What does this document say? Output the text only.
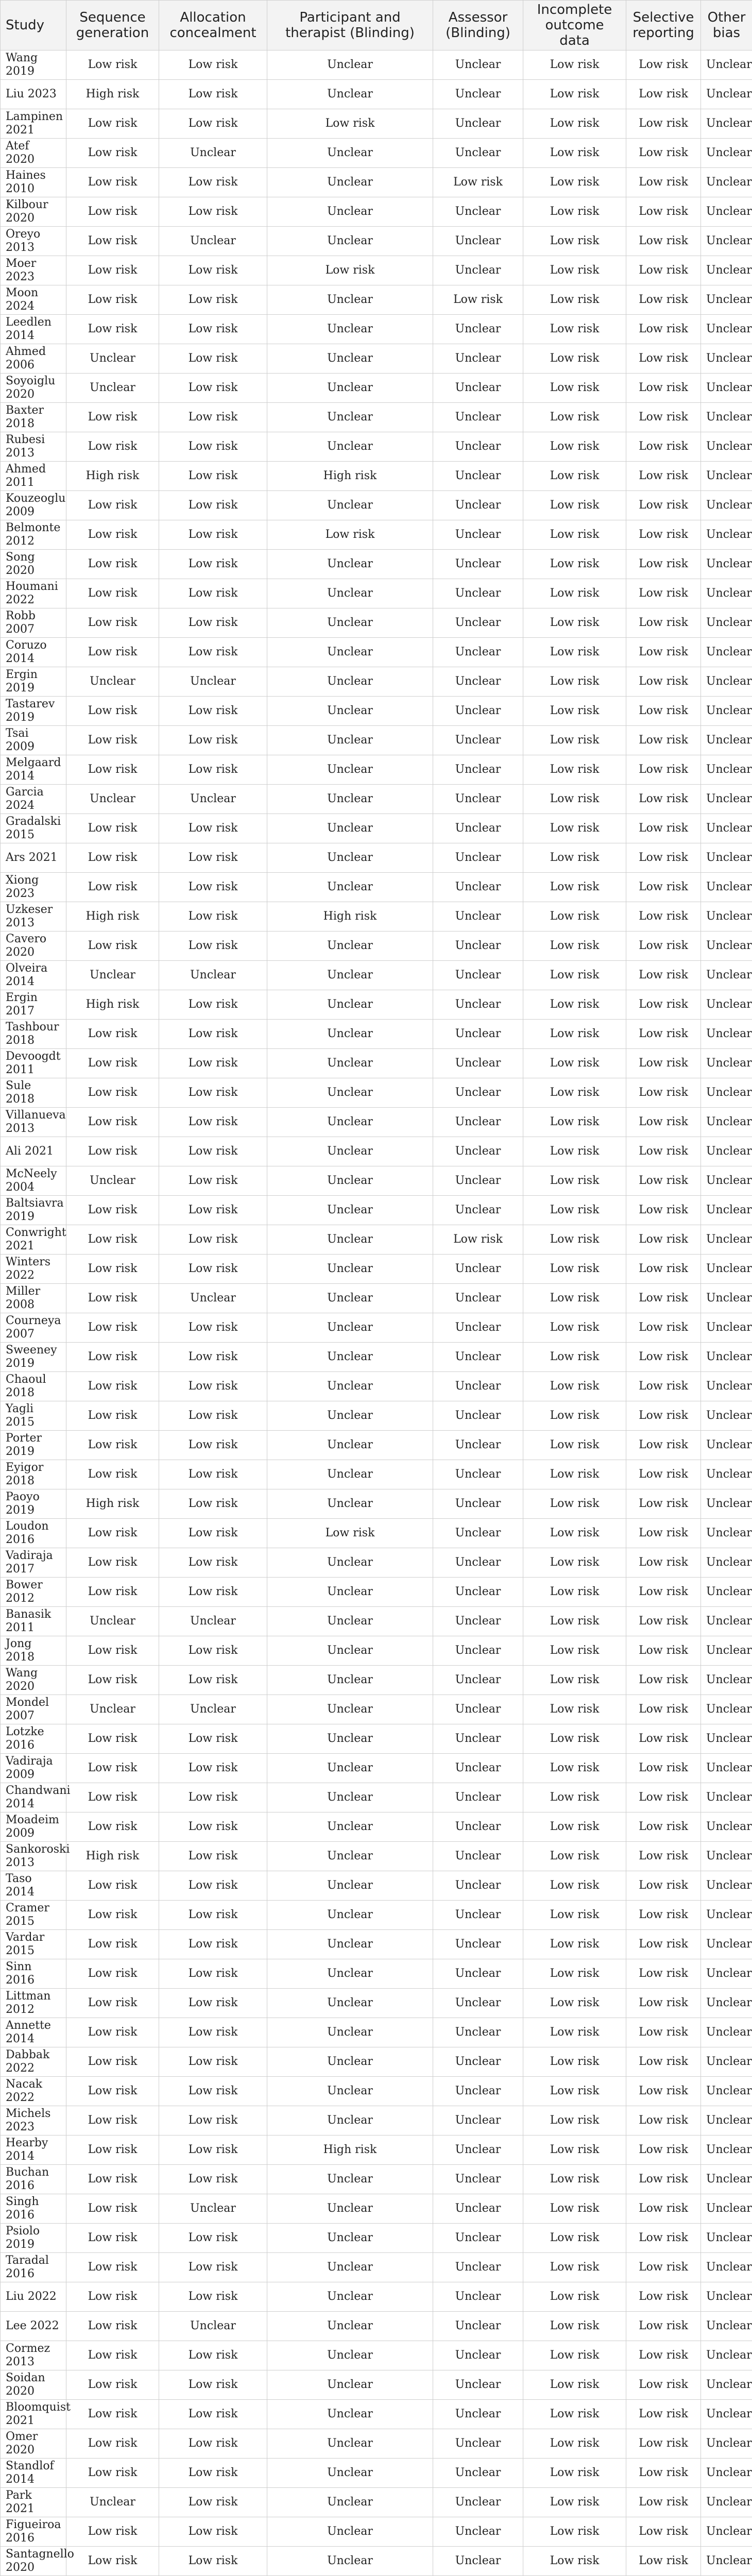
Study	Sequence generation	Allocation concealment	Participant and therapist (Blinding)	Assessor (Blinding)	Incomplete outcome data	Selective reporting	Other bias
Wang 2019	Low risk	Low risk	Unclear	Unclear	Low risk	Low risk	Unclear
Liu 2023	High risk	Low risk	Unclear	Unclear	Low risk	Low risk	Unclear
Lampinen 2021	Low risk	Low risk	Low risk	Unclear	Low risk	Low risk	Unclear
Atef 2020	Low risk	Unclear	Unclear	Unclear	Low risk	Low risk	Unclear
Haines 2010	Low risk	Low risk	Unclear	Low risk	Low risk	Low risk	Unclear
Kilbour 2020	Low risk	Low risk	Unclear	Unclear	Low risk	Low risk	Unclear
Oreyo 2013	Low risk	Unclear	Unclear	Unclear	Low risk	Low risk	Unclear
Moer 2023	Low risk	Low risk	Low risk	Unclear	Low risk	Low risk	Unclear
Moon 2024	Low risk	Low risk	Unclear	Low risk	Low risk	Low risk	Unclear
Leedlen 2014	Low risk	Low risk	Unclear	Unclear	Low risk	Low risk	Unclear
Ahmed 2006	Unclear	Low risk	Unclear	Unclear	Low risk	Low risk	Unclear
Soyoiglu 2020	Unclear	Low risk	Unclear	Unclear	Low risk	Low risk	Unclear
Baxter 2018	Low risk	Low risk	Unclear	Unclear	Low risk	Low risk	Unclear
Rubesi 2013	Low risk	Low risk	Unclear	Unclear	Low risk	Low risk	Unclear
Ahmed 2011	High risk	Low risk	High risk	Unclear	Low risk	Low risk	Unclear
Kouzeoglu 2009	Low risk	Low risk	Unclear	Unclear	Low risk	Low risk	Unclear
Belmonte 2012	Low risk	Low risk	Low risk	Unclear	Low risk	Low risk	Unclear
Song 2020	Low risk	Low risk	Unclear	Unclear	Low risk	Low risk	Unclear
Houmani 2022	Low risk	Low risk	Unclear	Unclear	Low risk	Low risk	Unclear
Robb 2007	Low risk	Low risk	Unclear	Unclear	Low risk	Low risk	Unclear
Coruzo 2014	Low risk	Low risk	Unclear	Unclear	Low risk	Low risk	Unclear
Ergin 2019	Unclear	Unclear	Unclear	Unclear	Low risk	Low risk	Unclear
Tastarev 2019	Low risk	Low risk	Unclear	Unclear	Low risk	Low risk	Unclear
Tsai 2009	Low risk	Low risk	Unclear	Unclear	Low risk	Low risk	Unclear
Melgaard 2014	Low risk	Low risk	Unclear	Unclear	Low risk	Low risk	Unclear
Garcia 2024	Unclear	Unclear	Unclear	Unclear	Low risk	Low risk	Unclear
Gradalski 2015	Low risk	Low risk	Unclear	Unclear	Low risk	Low risk	Unclear
Ars 2021	Low risk	Low risk	Unclear	Unclear	Low risk	Low risk	Unclear
Xiong 2023	Low risk	Low risk	Unclear	Unclear	Low risk	Low risk	Unclear
Uzkeser 2013	High risk	Low risk	High risk	Unclear	Low risk	Low risk	Unclear
Cavero 2020	Low risk	Low risk	Unclear	Unclear	Low risk	Low risk	Unclear
Olveira 2014	Unclear	Unclear	Unclear	Unclear	Low risk	Low risk	Unclear
Ergin 2017	High risk	Low risk	Unclear	Unclear	Low risk	Low risk	Unclear
Tashbour 2018	Low risk	Low risk	Unclear	Unclear	Low risk	Low risk	Unclear
Devoogdt 2011	Low risk	Low risk	Unclear	Unclear	Low risk	Low risk	Unclear
Sule 2018	Low risk	Low risk	Unclear	Unclear	Low risk	Low risk	Unclear
Villanueva 2013	Low risk	Low risk	Unclear	Unclear	Low risk	Low risk	Unclear
Ali 2021	Low risk	Low risk	Unclear	Unclear	Low risk	Low risk	Unclear
McNeely 2004	Unclear	Low risk	Unclear	Unclear	Low risk	Low risk	Unclear
Baltsiavra 2019	Low risk	Low risk	Unclear	Unclear	Low risk	Low risk	Unclear
Conwright 2021	Low risk	Low risk	Unclear	Low risk	Low risk	Low risk	Unclear
Winters 2022	Low risk	Low risk	Unclear	Unclear	Low risk	Low risk	Unclear
Miller 2008	Low risk	Unclear	Unclear	Unclear	Low risk	Low risk	Unclear
Courneya 2007	Low risk	Low risk	Unclear	Unclear	Low risk	Low risk	Unclear
Sweeney 2019	Low risk	Low risk	Unclear	Unclear	Low risk	Low risk	Unclear
Chaoul 2018	Low risk	Low risk	Unclear	Unclear	Low risk	Low risk	Unclear
Yagli 2015	Low risk	Low risk	Unclear	Unclear	Low risk	Low risk	Unclear
Porter 2019	Low risk	Low risk	Unclear	Unclear	Low risk	Low risk	Unclear
Eyigor 2018	Low risk	Low risk	Unclear	Unclear	Low risk	Low risk	Unclear
Paoyo 2019	High risk	Low risk	Unclear	Unclear	Low risk	Low risk	Unclear
Loudon 2016	Low risk	Low risk	Low risk	Unclear	Low risk	Low risk	Unclear
Vadiraja 2017	Low risk	Low risk	Unclear	Unclear	Low risk	Low risk	Unclear
Bower 2012	Low risk	Low risk	Unclear	Unclear	Low risk	Low risk	Unclear
Banasik 2011	Unclear	Unclear	Unclear	Unclear	Low risk	Low risk	Unclear
Jong 2018	Low risk	Low risk	Unclear	Unclear	Low risk	Low risk	Unclear
Wang 2020	Low risk	Low risk	Unclear	Unclear	Low risk	Low risk	Unclear
Mondel 2007	Unclear	Unclear	Unclear	Unclear	Low risk	Low risk	Unclear
Lotzke 2016	Low risk	Low risk	Unclear	Unclear	Low risk	Low risk	Unclear
Vadiraja 2009	Low risk	Low risk	Unclear	Unclear	Low risk	Low risk	Unclear
Chandwani 2014	Low risk	Low risk	Unclear	Unclear	Low risk	Low risk	Unclear
Moadeim 2009	Low risk	Low risk	Unclear	Unclear	Low risk	Low risk	Unclear
Sankoroski 2013	High risk	Low risk	Unclear	Unclear	Low risk	Low risk	Unclear
Taso 2014	Low risk	Low risk	Unclear	Unclear	Low risk	Low risk	Unclear
Cramer 2015	Low risk	Low risk	Unclear	Unclear	Low risk	Low risk	Unclear
Vardar 2015	Low risk	Low risk	Unclear	Unclear	Low risk	Low risk	Unclear
Sinn 2016	Low risk	Low risk	Unclear	Unclear	Low risk	Low risk	Unclear
Littman 2012	Low risk	Low risk	Unclear	Unclear	Low risk	Low risk	Unclear
Annette 2014	Low risk	Low risk	Unclear	Unclear	Low risk	Low risk	Unclear
Dabbak 2022	Low risk	Low risk	Unclear	Unclear	Low risk	Low risk	Unclear
Nacak 2022	Low risk	Low risk	Unclear	Unclear	Low risk	Low risk	Unclear
Michels 2023	Low risk	Low risk	Unclear	Unclear	Low risk	Low risk	Unclear
Hearby 2014	Low risk	Low risk	High risk	Unclear	Low risk	Low risk	Unclear
Buchan 2016	Low risk	Low risk	Unclear	Unclear	Low risk	Low risk	Unclear
Singh 2016	Low risk	Unclear	Unclear	Unclear	Low risk	Low risk	Unclear
Psiolo 2019	Low risk	Low risk	Unclear	Unclear	Low risk	Low risk	Unclear
Taradal 2016	Low risk	Low risk	Unclear	Unclear	Low risk	Low risk	Unclear
Liu 2022	Low risk	Low risk	Unclear	Unclear	Low risk	Low risk	Unclear
Lee 2022	Low risk	Unclear	Unclear	Unclear	Low risk	Low risk	Unclear
Cormez 2013	Low risk	Low risk	Unclear	Unclear	Low risk	Low risk	Unclear
Soidan 2020	Low risk	Low risk	Unclear	Unclear	Low risk	Low risk	Unclear
Bloomquist 2021	Low risk	Low risk	Unclear	Unclear	Low risk	Low risk	Unclear
Omer 2020	Low risk	Low risk	Unclear	Unclear	Low risk	Low risk	Unclear
Standlof 2014	Low risk	Low risk	Unclear	Unclear	Low risk	Low risk	Unclear
Park 2021	Unclear	Low risk	Unclear	Unclear	Low risk	Low risk	Unclear
Figueiroa 2016	Low risk	Low risk	Unclear	Unclear	Low risk	Low risk	Unclear
Santagnello 2020	Low risk	Low risk	Unclear	Unclear	Low risk	Low risk	Unclear
